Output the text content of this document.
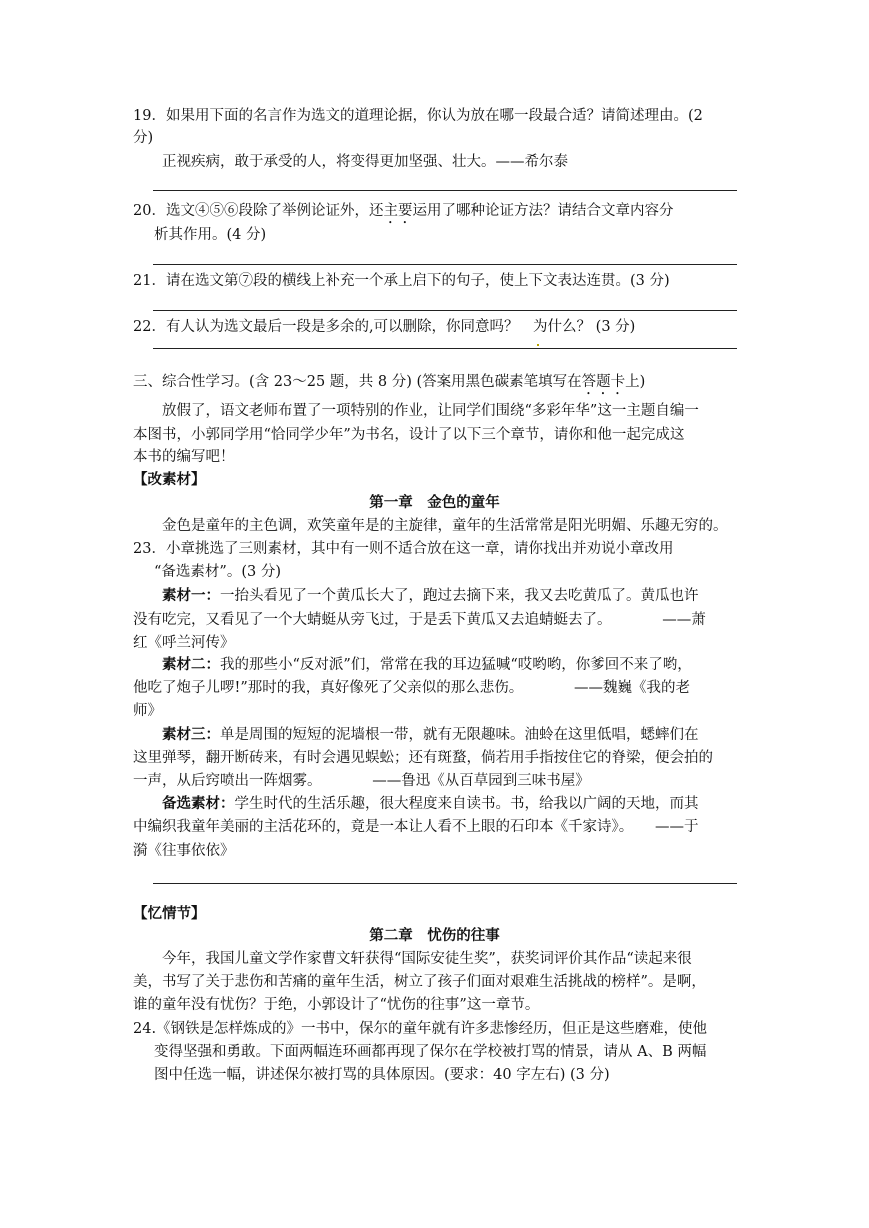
19．如果用下面的名言作为选文的道理论据，你认为放在哪一段最合适？请简述理由。(2
分)
正视疾病，敢于承受的人，将变得更加坚强、壮大。——希尔泰
20．选文④⑤⑥段除了举例论证外，还主要运用了哪种论证方法？请结合文章内容分
析其作用。(4 分)
21．请在选文第⑦段的横线上补充一个承上启下的句子，使上下文表达连贯。(3 分)
22．有人认为选文最后一段是多余的,可以删除，你同意吗？　为什么？ (3 分)
三、综合性学习。(含 23～25 题，共 8 分) (答案用黑色碳素笔填写在答题卡上)
放假了，语文老师布置了一项特别的作业，让同学们围绕“多彩年华”这一主题自编一
本图书，小郭同学用“恰同学少年”为书名，设计了以下三个章节，请你和他一起完成这
本书的编写吧！
【改素材】
第一章　金色的童年
金色是童年的主色调，欢笑童年是的主旋律，童年的生活常常是阳光明媚、乐趣无穷的。
23．小章挑选了三则素材，其中有一则不适合放在这一章，请你找出并劝说小章改用
“备选素材”。(3 分)
素材一：一抬头看见了一个黄瓜长大了，跑过去摘下来，我又去吃黄瓜了。黄瓜也许
没有吃完，又看见了一个大蜻蜓从旁飞过，于是丢下黄瓜又去追蜻蜓去了。　　　　——萧
红《呼兰河传》
素材二：我的那些小“反对派”们，常常在我的耳边猛喊“哎哟哟，你爹回不来了哟，
他吃了炮子儿啰!”那时的我，真好像死了父亲似的那么悲伤。　　　　——魏巍《我的老
师》
素材三：单是周围的短短的泥墙根一带，就有无限趣味。油蛉在这里低唱，蟋蟀们在
这里弹琴，翻开断砖来，有时会遇见蜈蚣；还有斑蝥，倘若用手指按住它的脊梁，便会拍的
一声，从后窍喷出一阵烟雾。　　　　——鲁迅《从百草园到三味书屋》
备选素材：学生时代的生活乐趣，很大程度来自读书。书，给我以广阔的天地，而其
中编织我童年美丽的主活花环的，竟是一本让人看不上眼的石印本《千家诗》。　　——于
漪《往事依依》
【忆情节】
第二章　忧伤的往事
今年，我国儿童文学作家曹文轩获得“国际安徒生奖”，获奖词评价其作品“读起来很
美，书写了关于悲伤和苦痛的童年生活，树立了孩子们面对艰难生活挑战的榜样”。是啊，
谁的童年没有忧伤？于绝，小郭设计了“忧伤的往事”这一章节。
24.《钢铁是怎样炼成的》一书中，保尔的童年就有许多悲惨经历，但正是这些磨难，使他
变得坚强和勇敢。下面两幅连环画都再现了保尔在学校被打骂的情景，请从 A、B 两幅
图中任选一幅，讲述保尔被打骂的具体原因。(要求：40 字左右) (3 分)
